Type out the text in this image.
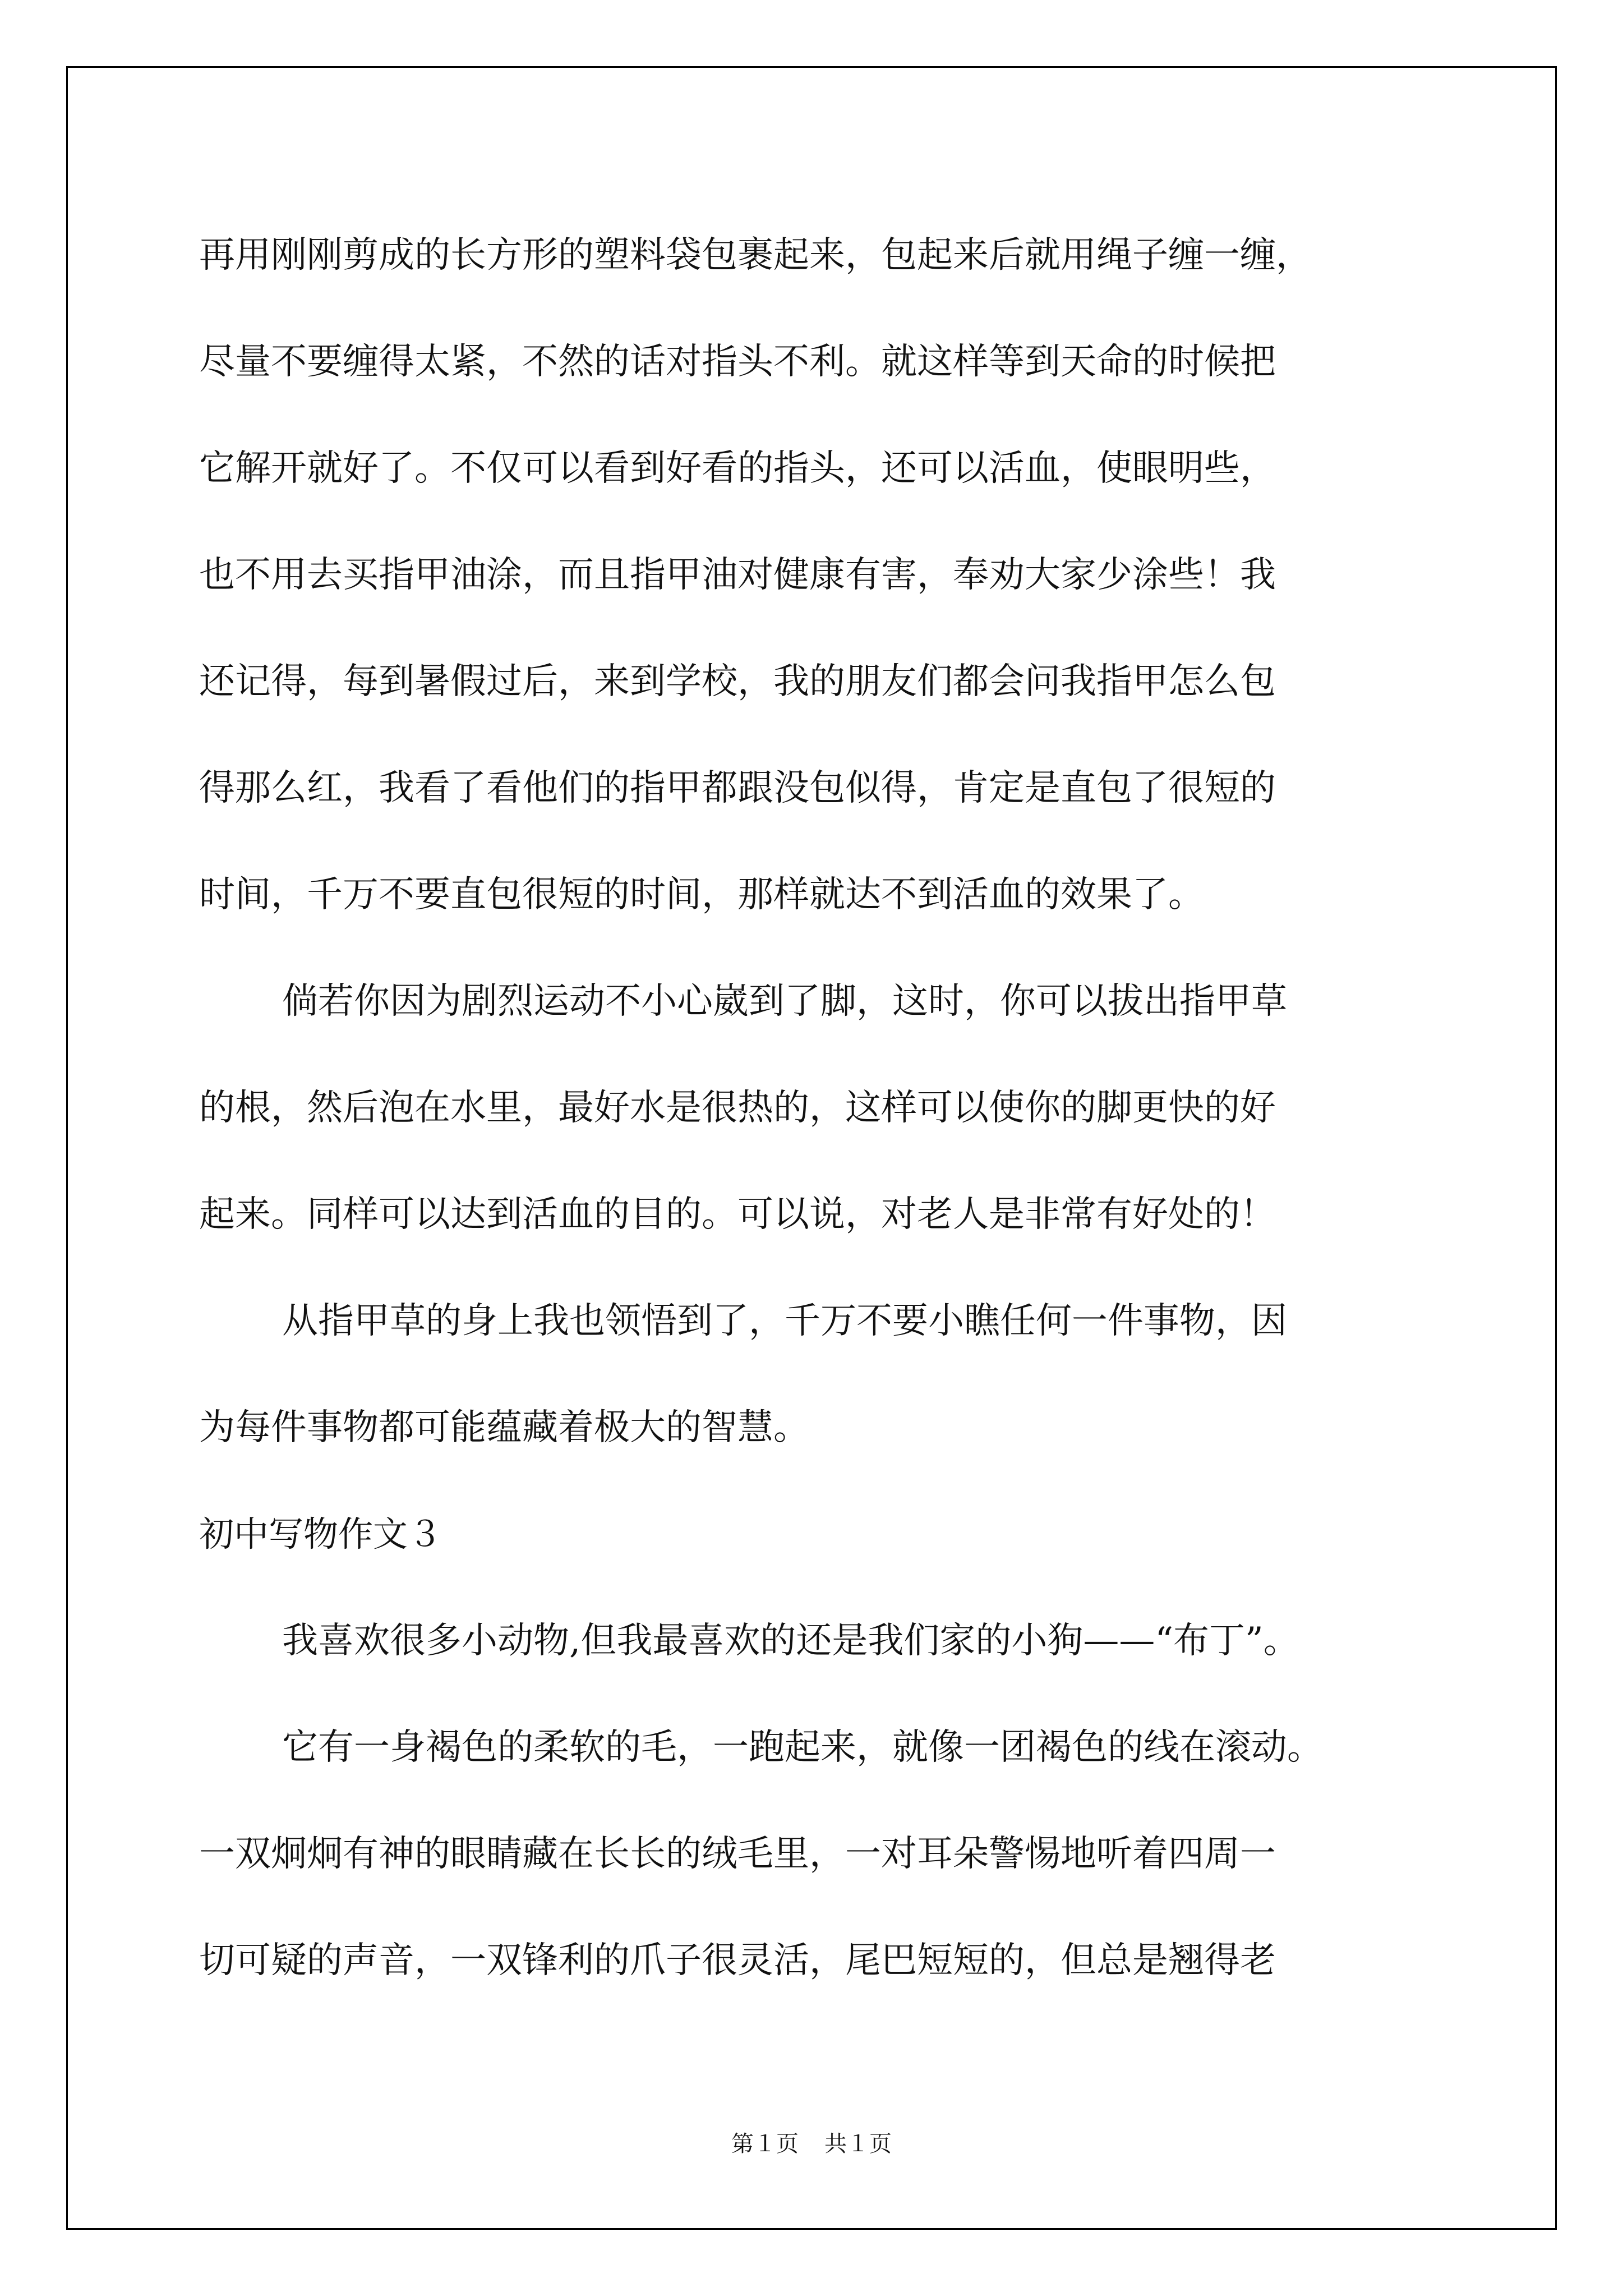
再用刚刚剪成的长方形的塑料袋包裹起来，包起来后就用绳子缠一缠，
尽量不要缠得太紧，不然的话对指头不利。就这样等到天命的时候把
它解开就好了。不仅可以看到好看的指头，还可以活血，使眼明些，
也不用去买指甲油涂，而且指甲油对健康有害，奉劝大家少涂些！我
还记得，每到暑假过后，来到学校，我的朋友们都会问我指甲怎么包
得那么红，我看了看他们的指甲都跟没包似得，肯定是直包了很短的
时间，千万不要直包很短的时间，那样就达不到活血的效果了。
倘若你因为剧烈运动不小心崴到了脚，这时，你可以拔出指甲草
的根，然后泡在水里，最好水是很热的，这样可以使你的脚更快的好
起来。同样可以达到活血的目的。可以说，对老人是非常有好处的！
从指甲草的身上我也领悟到了，千万不要小瞧任何一件事物，因
为每件事物都可能蕴藏着极大的智慧。
初中写物作文３
我喜欢很多小动物,但我最喜欢的还是我们家的小狗——“布丁”。
它有一身褐色的柔软的毛，一跑起来，就像一团褐色的线在滚动。
一双炯炯有神的眼睛藏在长长的绒毛里，一对耳朵警惕地听着四周一
切可疑的声音，一双锋利的爪子很灵活，尾巴短短的，但总是翘得老
第１页 共１页
